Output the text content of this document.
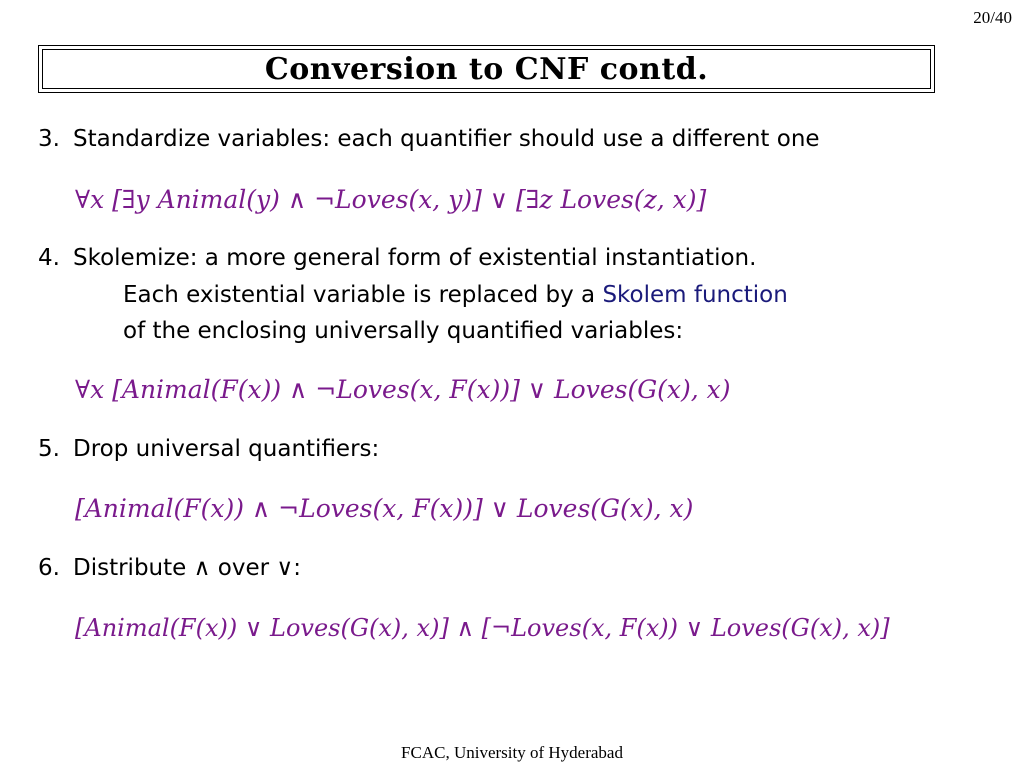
20/40
Conversion to CNF contd.
3. Standardize variables: each quantifier should use a different one
∀x [∃y Animal(y) ∧ ¬Loves(x, y)] ∨ [∃z Loves(z, x)]
4. Skolemize: a more general form of existential instantiation.
Each existential variable is replaced by a Skolem function
of the enclosing universally quantified variables:
∀x [Animal(F(x)) ∧ ¬Loves(x, F(x))] ∨ Loves(G(x), x)
5. Drop universal quantifiers:
[Animal(F(x)) ∧ ¬Loves(x, F(x))] ∨ Loves(G(x), x)
6. Distribute ∧ over ∨:
[Animal(F(x)) ∨ Loves(G(x), x)] ∧ [¬Loves(x, F(x)) ∨ Loves(G(x), x)]
FCAC, University of Hyderabad
